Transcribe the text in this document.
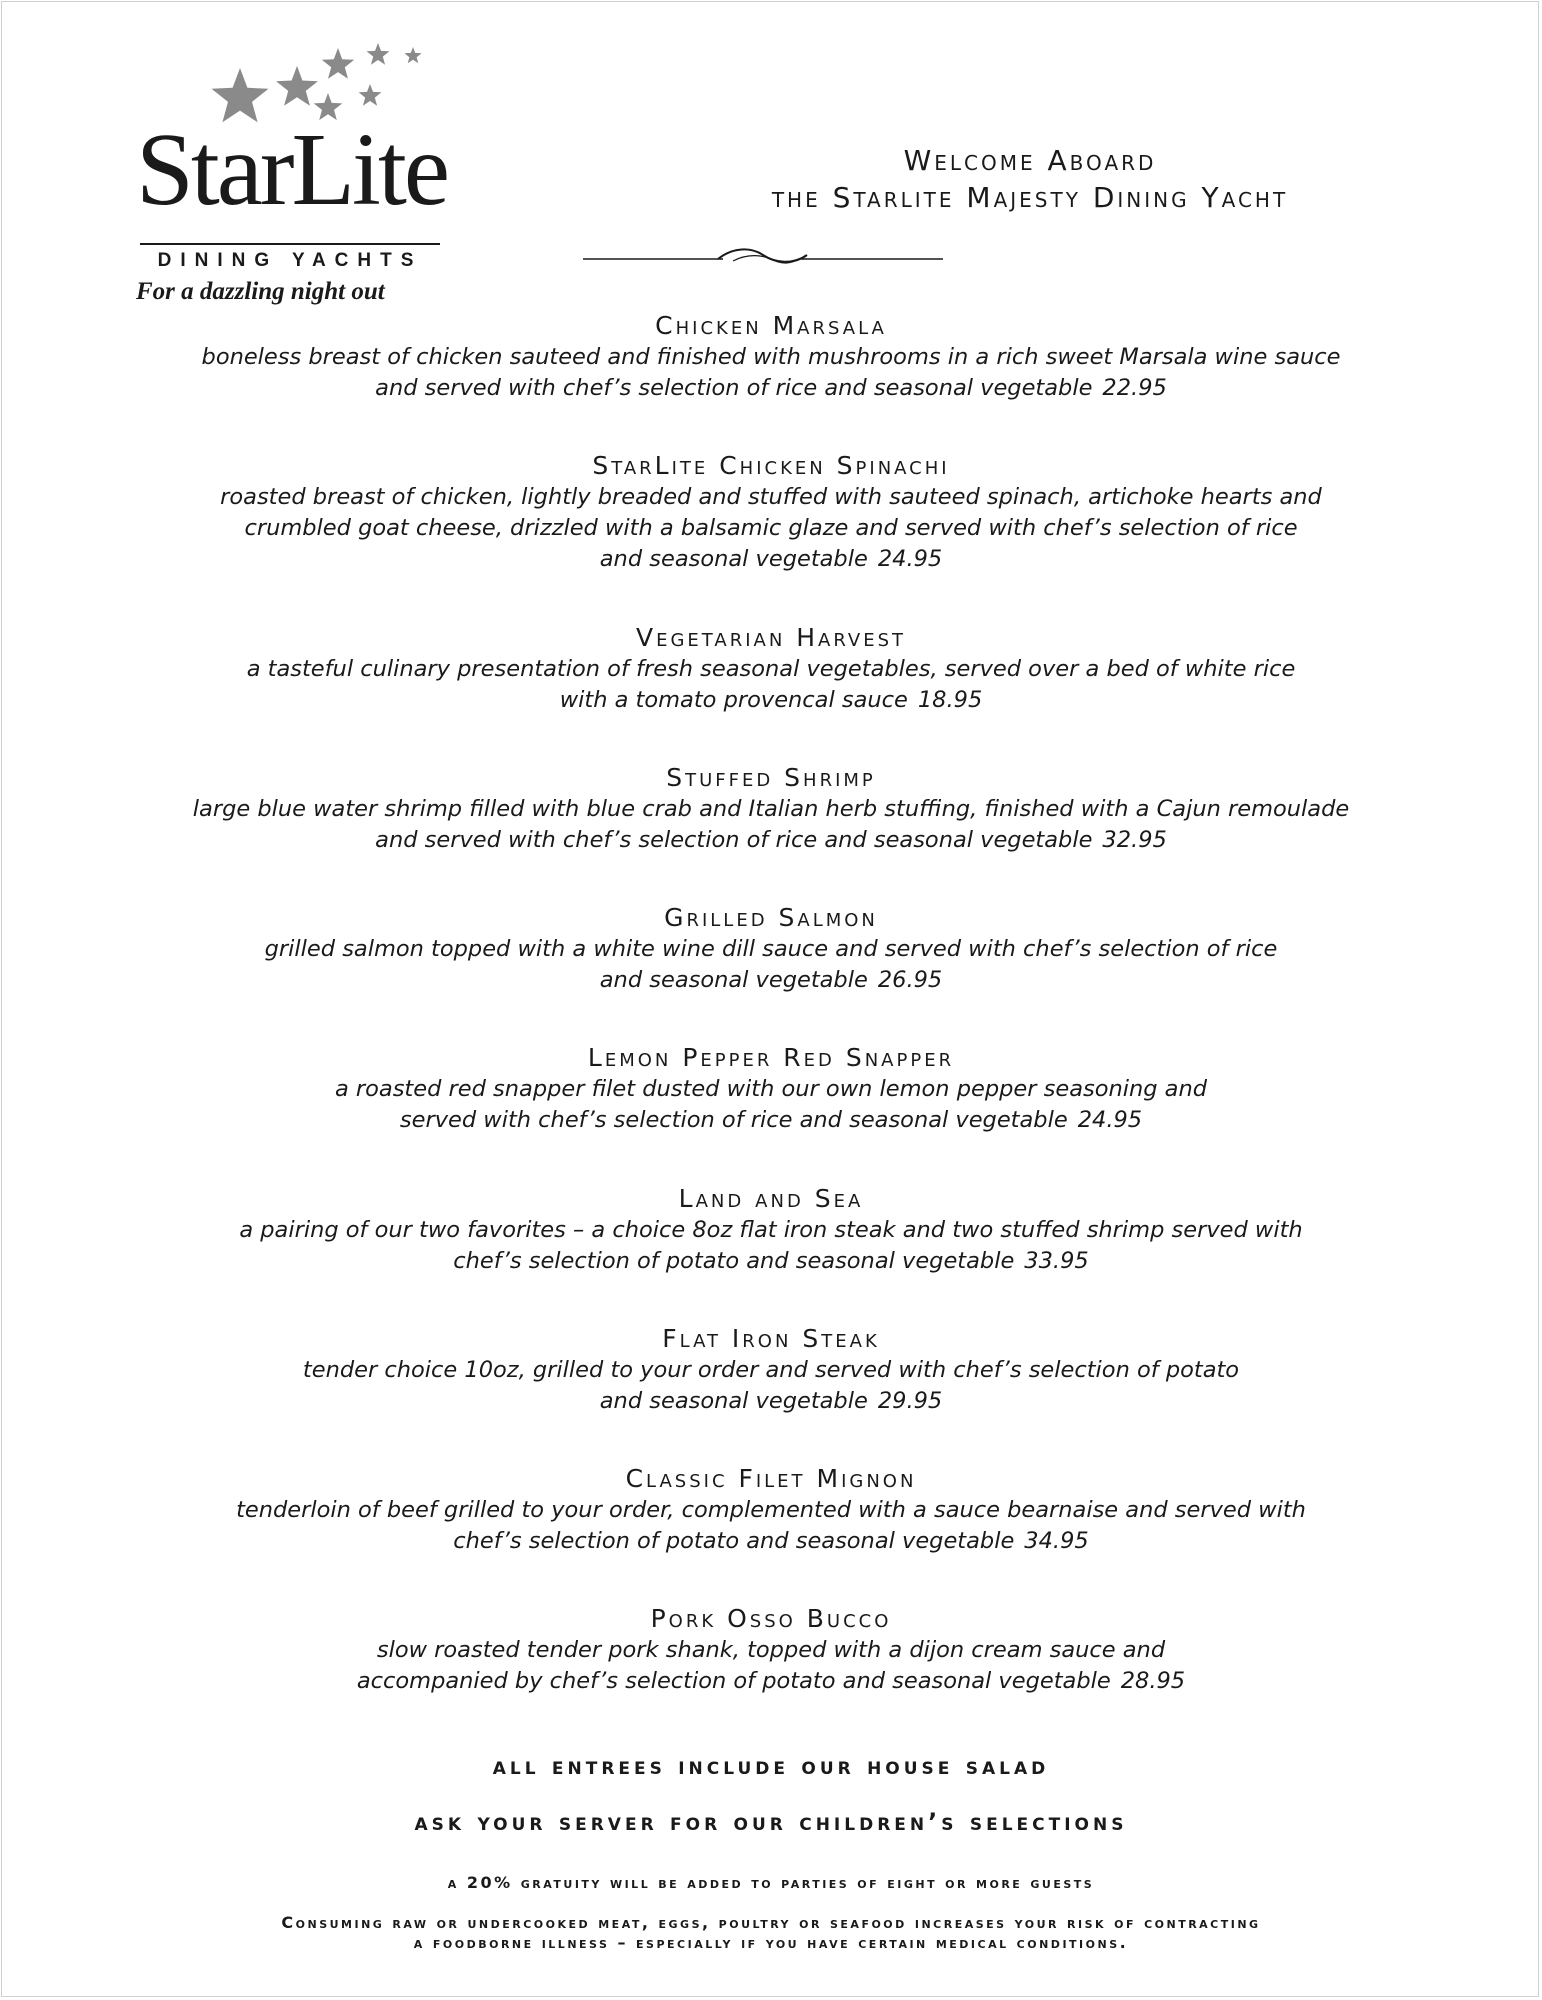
StarLite
DINING YACHTS
For a dazzling night out
Welcome Aboard
the Starlite Majesty Dining Yacht
Chicken Marsala
boneless breast of chicken sauteed and finished with mushrooms in a rich sweet Marsala wine sauce
and served with chef’s selection of rice and seasonal vegetable 22.95
StarLite Chicken Spinachi
roasted breast of chicken, lightly breaded and stuffed with sauteed spinach, artichoke hearts and
crumbled goat cheese, drizzled with a balsamic glaze and served with chef’s selection of rice
and seasonal vegetable 24.95
Vegetarian Harvest
a tasteful culinary presentation of fresh seasonal vegetables, served over a bed of white rice
with a tomato provencal sauce 18.95
Stuffed Shrimp
large blue water shrimp filled with blue crab and Italian herb stuffing, finished with a Cajun remoulade
and served with chef’s selection of rice and seasonal vegetable 32.95
Grilled Salmon
grilled salmon topped with a white wine dill sauce and served with chef’s selection of rice
and seasonal vegetable 26.95
Lemon Pepper Red Snapper
a roasted red snapper filet dusted with our own lemon pepper seasoning and
served with chef’s selection of rice and seasonal vegetable 24.95
Land and Sea
a pairing of our two favorites – a choice 8oz flat iron steak and two stuffed shrimp served with
chef’s selection of potato and seasonal vegetable 33.95
Flat Iron Steak
tender choice 10oz, grilled to your order and served with chef’s selection of potato
and seasonal vegetable 29.95
Classic Filet Mignon
tenderloin of beef grilled to your order, complemented with a sauce bearnaise and served with
chef’s selection of potato and seasonal vegetable 34.95
Pork Osso Bucco
slow roasted tender pork shank, topped with a dijon cream sauce and
accompanied by chef’s selection of potato and seasonal vegetable 28.95
all entrees include our house salad
ask your server for our children’s selections
a 20% gratuity will be added to parties of eight or more guests
Consuming raw or undercooked meat, eggs, poultry or seafood increases your risk of contracting
a foodborne illness – especially if you have certain medical conditions.
